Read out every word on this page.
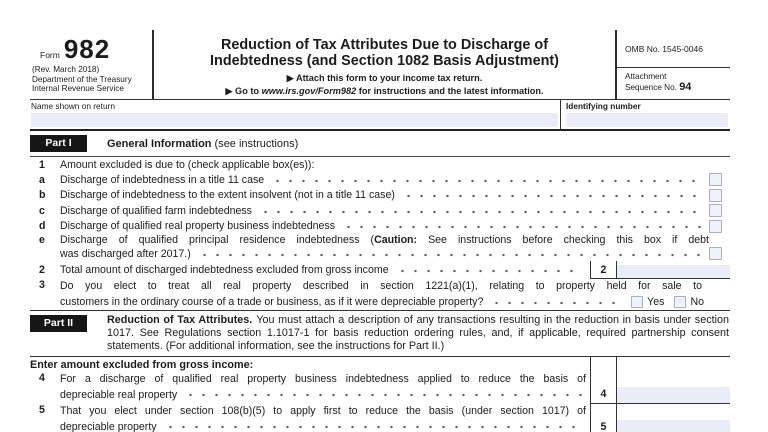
Form 982
(Rev. March 2018)
Department of the Treasury
Internal Revenue Service
Reduction of Tax Attributes Due to Discharge of
Indebtedness (and Section 1082 Basis Adjustment)
▶ Attach this form to your income tax return.
▶ Go to www.irs.gov/Form982 for instructions and the latest information.
OMB No. 1545-0046
Attachment
Sequence No. 94
Name shown on return	Identifying number
Part I	General Information (see instructions)
1	Amount excluded is due to (check applicable box(es)):
a	Discharge of indebtedness in a title 11 case
b	Discharge of indebtedness to the extent insolvent (not in a title 11 case)
c	Discharge of qualified farm indebtedness
d	Discharge of qualified real property business indebtedness
e	Discharge of qualified principal residence indebtedness (Caution: See instructions before checking this box if debt
was discharged after 2017.)
2	Total amount of discharged indebtedness excluded from gross income	2
3	Do you elect to treat all real property described in section 1221(a)(1), relating to property held for sale to
customers in the ordinary course of a trade or business, as if it were depreciable property?	Yes No
Part II	Reduction of Tax Attributes. You must attach a description of any transactions resulting in the reduction in basis under section 1017. See Regulations section 1.1017-1 for basis reduction ordering rules, and, if applicable, required partnership consent statements. (For additional information, see the instructions for Part II.)
Enter amount excluded from gross income:
4	For a discharge of qualified real property business indebtedness applied to reduce the basis of
depreciable real property	4
5	That you elect under section 108(b)(5) to apply first to reduce the basis (under section 1017) of
depreciable property	5
